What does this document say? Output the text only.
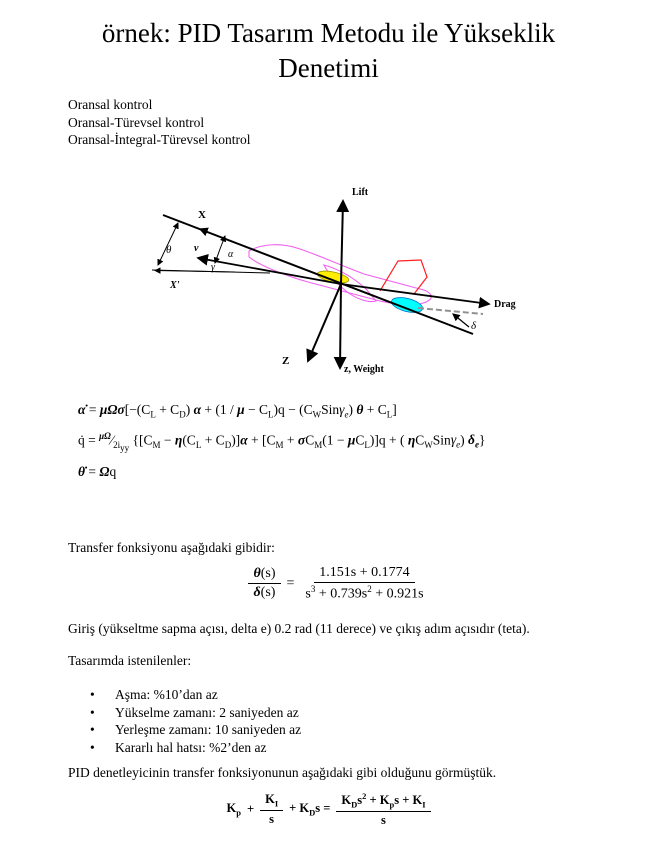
örnek: PID Tasarım Metodu ile Yükseklik Denetimi
Oransal kontrol
Oransal-Türevsel kontrol
Oransal-İntegral-Türevsel kontrol
Lift
Drag
z, Weight
X
X'
Z
θ v
α
γ
δ
α̇ = $\mu\Omega\sigma[-(C_L + C_D) \alpha + (1 / \mu - C_L)q - (C_WSin\gamma_e) \theta + C_L]$
q̇ = $^{\mu\Omega}∕_{2i_{yy}}$ {$[C_M - \eta(C_L + C_D)]\alpha + [C_M + \sigma C_M(1 - \mu C_L)]q$ + ( $\eta C_WSin\gamma_e$) $\delta_e$}
θ̇ = Ωq
Transfer fonksiyonu aşağıdaki gibidir:
$\frac{\theta(s)}{\delta(s)} = \frac{1.151s + 0.1774}{s^3 + 0.739s^2 + 0.921s}$
Giriş (yükseltme sapma açısı, delta e) 0.2 rad (11 derece) ve çıkış adım açısıdır (teta).
Tasarımda istenilenler:
•	Aşma: %10’dan az
•	Yükselme zamanı: 2 saniyeden az
•	Yerleşme zamanı: 10 saniyeden az
•	Kararlı hal hatsı: %2’den az
PID denetleyicinin transfer fonksiyonunun aşağıdaki gibi olduğunu görmüştük.
$K_p + \frac{K_I}{s} + K_Ds = \frac{K_Ds^2 + K_ps + K_I}{s}$
